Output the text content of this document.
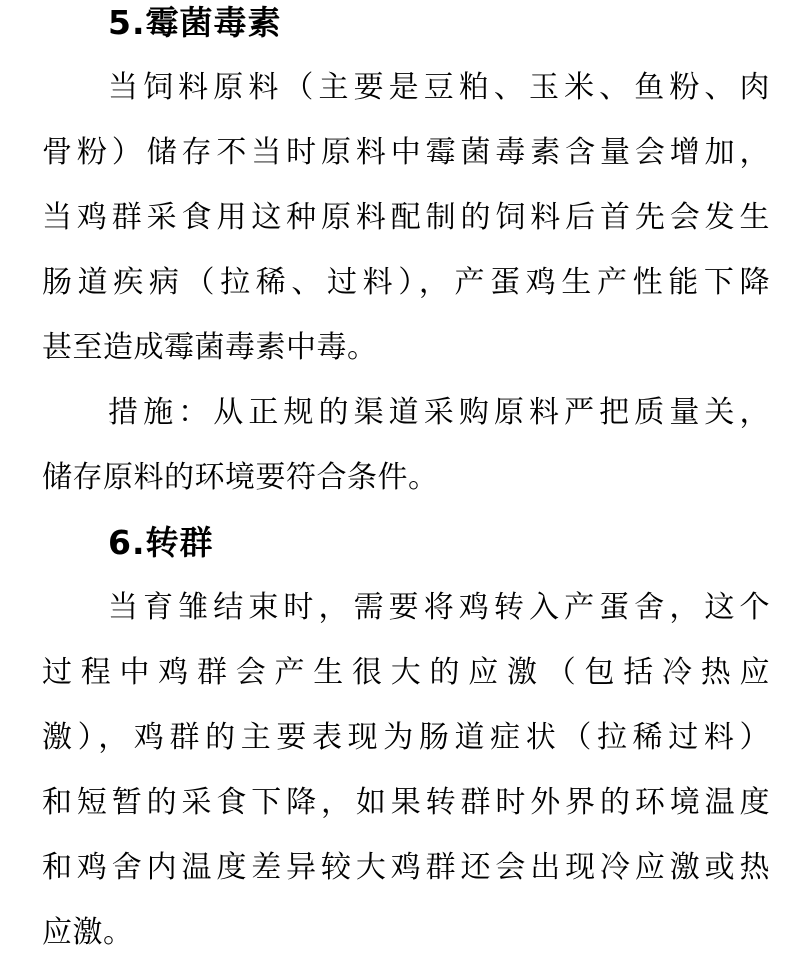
5.霉菌毒素
当饲料原料（主要是豆粕、玉米、鱼粉、肉
骨粉）储存不当时原料中霉菌毒素含量会增加，
当鸡群采食用这种原料配制的饲料后首先会发生
肠道疾病（拉稀、过料），产蛋鸡生产性能下降
甚至造成霉菌毒素中毒。
措施：从正规的渠道采购原料严把质量关，
储存原料的环境要符合条件。
6.转群
当育雏结束时，需要将鸡转入产蛋舍，这个
过程中鸡群会产生很大的应激（包括冷热应
激），鸡群的主要表现为肠道症状（拉稀过料）
和短暂的采食下降，如果转群时外界的环境温度
和鸡舍内温度差异较大鸡群还会出现冷应激或热
应激。
